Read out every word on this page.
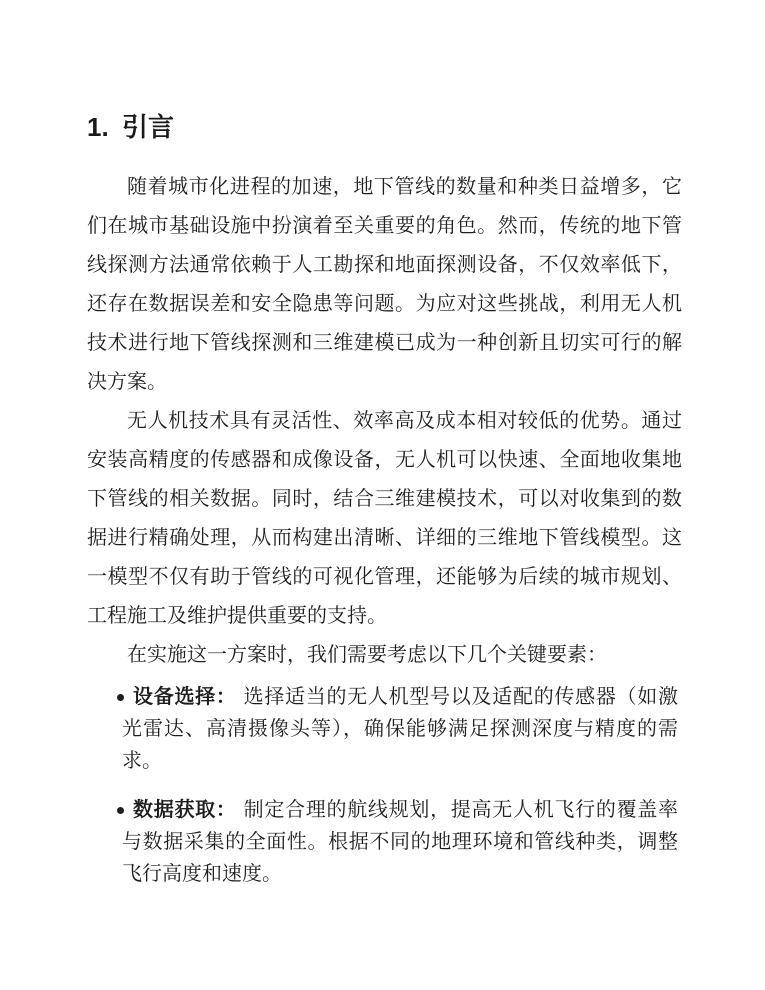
1. 引言

随着城市化进程的加速，地下管线的数量和种类日益增多，它们在城市基础设施中扮演着至关重要的角色。然而，传统的地下管线探测方法通常依赖于人工勘探和地面探测设备，不仅效率低下，还存在数据误差和安全隐患等问题。为应对这些挑战，利用无人机技术进行地下管线探测和三维建模已成为一种创新且切实可行的解决方案。

无人机技术具有灵活性、效率高及成本相对较低的优势。通过安装高精度的传感器和成像设备，无人机可以快速、全面地收集地下管线的相关数据。同时，结合三维建模技术，可以对收集到的数据进行精确处理，从而构建出清晰、详细的三维地下管线模型。这一模型不仅有助于管线的可视化管理，还能够为后续的城市规划、工程施工及维护提供重要的支持。

在实施这一方案时，我们需要考虑以下几个关键要素：

设备选择： 选择适当的无人机型号以及适配的传感器（如激光雷达、高清摄像头等），确保能够满足探测深度与精度的需求。
数据获取： 制定合理的航线规划，提高无人机飞行的覆盖率与数据采集的全面性。根据不同的地理环境和管线种类，调整飞行高度和速度。
